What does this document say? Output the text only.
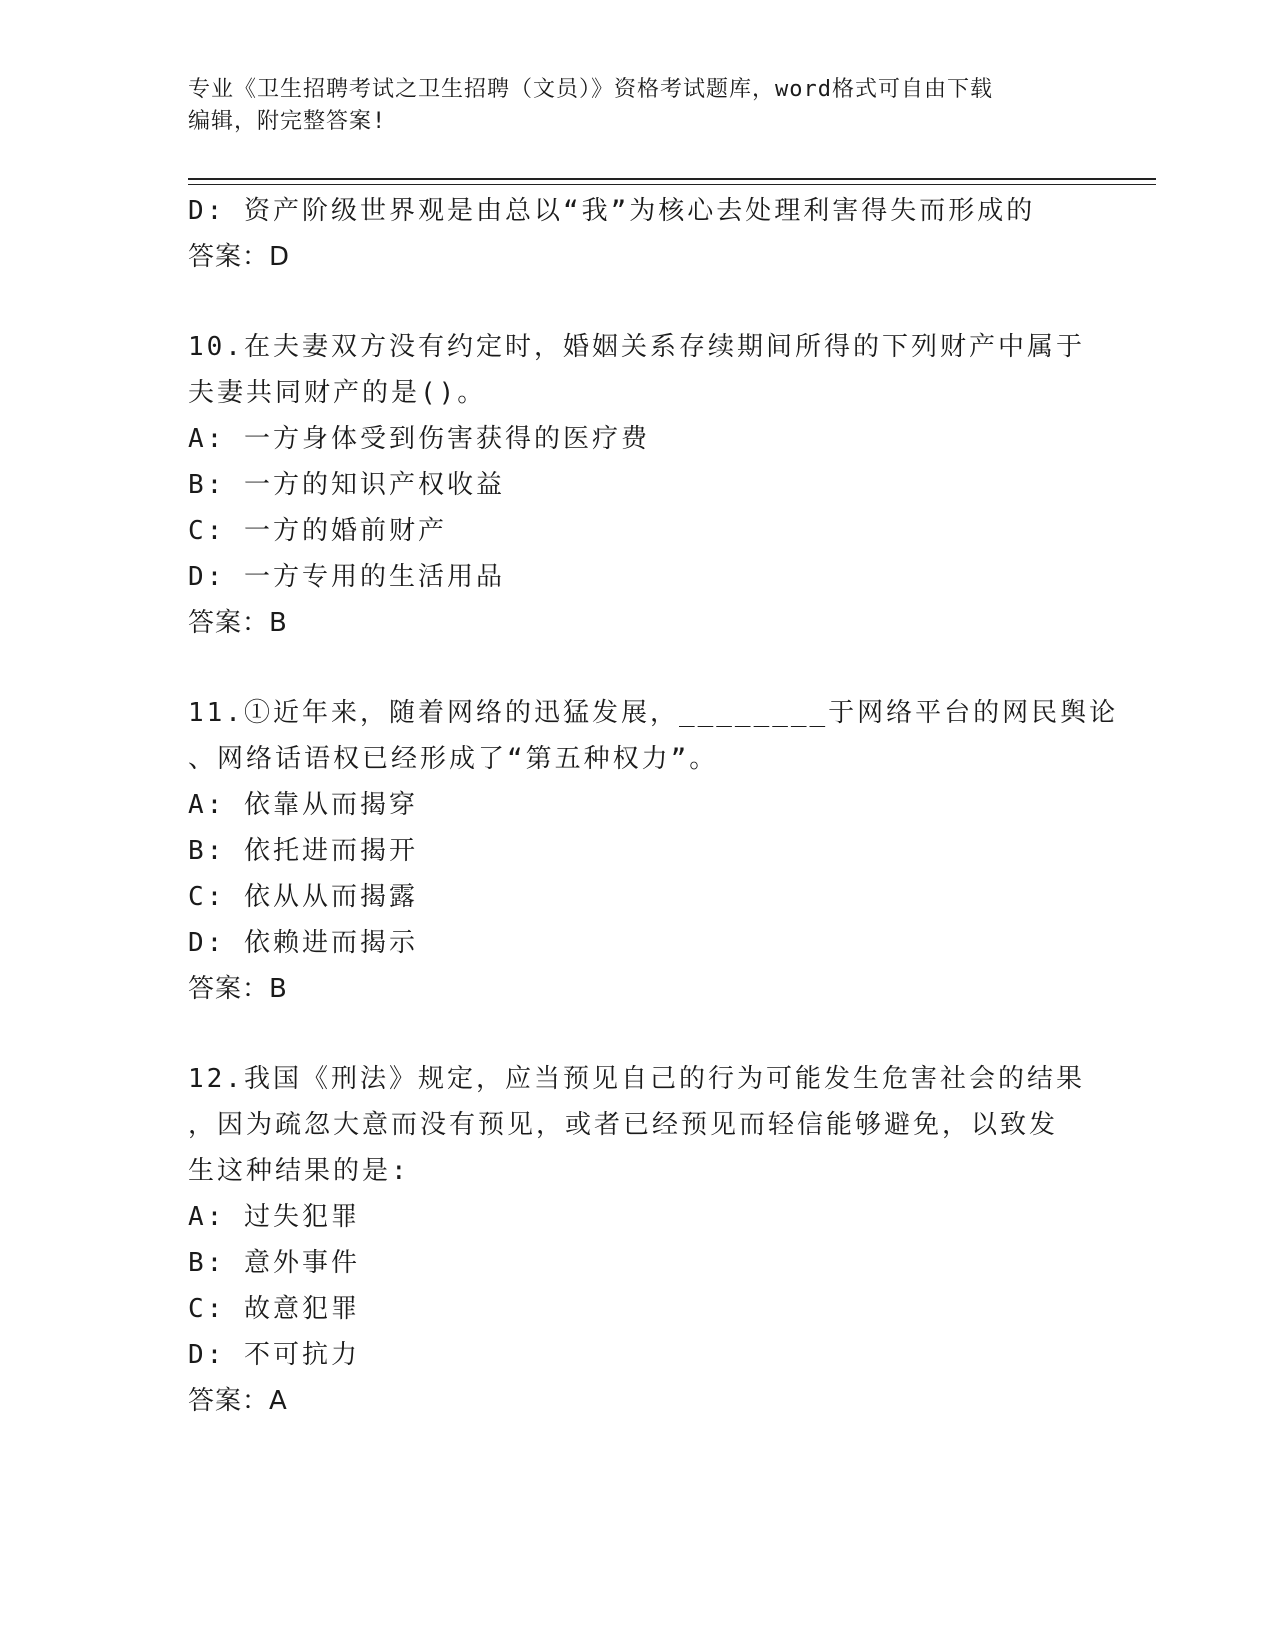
专业《卫生招聘考试之卫生招聘（文员）》资格考试题库，word格式可自由下载
编辑，附完整答案!
D: 资产阶级世界观是由总以“我”为核心去处理利害得失而形成的
答案：D
10.在夫妻双方没有约定时，婚姻关系存续期间所得的下列财产中属于
夫妻共同财产的是()。
A: 一方身体受到伤害获得的医疗费
B: 一方的知识产权收益
C: 一方的婚前财产
D: 一方专用的生活用品
答案：B
11.①近年来，随着网络的迅猛发展，________于网络平台的网民舆论
、网络话语权已经形成了“第五种权力”。
A: 依靠从而揭穿
B: 依托进而揭开
C: 依从从而揭露
D: 依赖进而揭示
答案：B
12.我国《刑法》规定，应当预见自己的行为可能发生危害社会的结果
，因为疏忽大意而没有预见，或者已经预见而轻信能够避免，以致发
生这种结果的是:
A: 过失犯罪
B: 意外事件
C: 故意犯罪
D: 不可抗力
答案：A
